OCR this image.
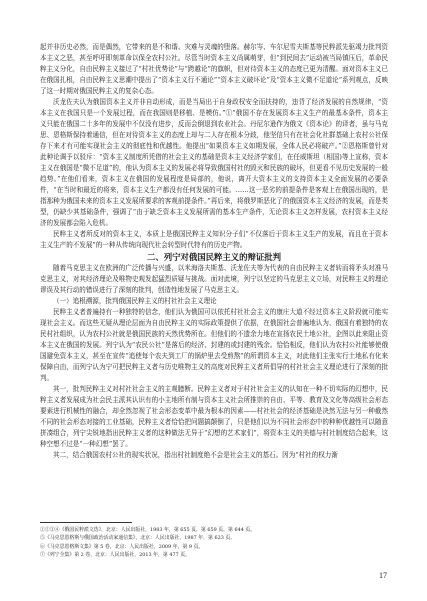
起并非历史必然，而是偶然，它带来的是不和谐、灾难与灵魂的堕落。赫尔岑、车尔尼雪夫斯基等民粹派先驱竭力批判资本主义之恶，甚至呼吁即刻革命以保全农村公社。尽管当时资本主义尚属萌芽，但“到民间去”运动被当局镇压后，革命民粹主义分化，自由民粹主义接过了“村社优势论”与“跨越论”的旗帜，但对待资本主义的态度已更为清醒。面对资本主义已在俄国扎根，自由民粹主义思潮中提出了“资本主义行不通论”“资本主义破坏论”及“资本主义微不足道论”系列观点，反映了这一时期对俄国民粹主义的复杂心态。

沃龙佐夫认为俄国资本主义并非自动形成，而是当局出于自身政权安全而扶持的，违背了经济发展的自然规律，“资本主义在我国只是一个发展过程，而在我国则是移植、是模仿。”①“俄国不存在发展资本主义生产的最基本条件，资本主义只能在俄国二十多年的发展中不仅没有进步，反而会倒退到农业社会。丹尼尔逊作为俄文《资本论》的译者，虽与马克思、恩格斯保持着通信，但在对待资本主义的态度上却与二人存在根本分歧，他坚信只有在社会化社群基础上农村公社保存下来才有可能实现社会主义的彻底性和优越性。他提出“如果资本主义如期发展，全体人民必将破产。”②恩格斯曾针对此种论调予以驳斥：“资本主义制度所凭借的社会主义的基础是资本主义经济学家们，在任威斯坦（相国)等上宣称，资本主义在俄国是“微不足道”的，他认为资本主义的发展必将导致俄国村社的毁灭和民族的破坏，但更看不见历史发展的一般趋势。”在他们看来，资本主义在俄国的发展程度是局部的，他说，离开大资本主义的支持资本主义全面发展的必要条件，“在当时和最近的将来，资本主义生产都没有任何发展的可能。……这一恶劣的前提条件是客观上在俄国出现的，是指那种为俄国未来的资本主义发展所要求的客观前提条件。”再后来，将俄罗斯恶化了的俄国资本主义经济的发展，而是类型，仍缺少其基础条件，强调了“由于缺乏资本主义发展所需的基本生产条件，无论资本主义怎样发展，农村资本主义经济的发展都会陷入危机。

民粹主义者所反对的资本主义，本质上是俄国民粹主义知识分子们“不仅落后于资本主义生产的发展，而且在于资本主义生产的不发展”的一种从传统向现代社会转型时代特有的历史产物。

二、列宁对俄国民粹主义的辩证批判

随着马克思主义在欧洲的广泛传播与兴盛，以米海洛夫斯基、沃龙佐夫等为代表的自由民粹主义者转而将矛头对准马克思主义，对其经济理论及唯物史观发起猛烈质疑与挑战。面对此境，列宁以坚定的马克思主义立场，对民粹主义的理论谬误及其行动的错误进行了深刻的批判，创造性地发展了马克思主义。

（一）追根溯源，批判俄国民粹主义的村社社会主义理论

民粹主义者普遍持有一种独特的信念，他们认为俄国可以依托村社社会主义的康庄大道不经过资本主义阶段就可能实现社会主义。而这些无疑从理论层面为自由民粹主义的实际政策提供了依据，在俄国社会普遍地认为、俄国有着独特的农民村社组织，认为农村公社就是俄国民族的天然优势所在。但他们的不遗余力地在宣扬农民土地公社，企图以此来阻止资本主义在俄国的发展。列宁认为“农民公社”是落后的经济、封建的或封建的残余。恰恰相反，他们认为农村公社能够使俄国避免资本主义，甚至在宣传“追使每个农夫到工厂的锅炉里去受煎熬”的所谓资本主义，对此他们主张实行土地私有化来保障自由，而列宁认为宁可把民粹主义者与历史唯物主义的高度对民粹主义者所倡导的村社社会主义理论进行了深刻的批判。

其一，批判民粹主义对村社社会主义的主观臆断。民粹主义者对于村社社会主义的认知在一种不切实际的幻想中，民粹主义者发展成为社会民主派其认识有的小主地所有制与资本主义社会所推崇的自由、平等、教育及文化等高级社会形态要素进行机械性的融合，却全然忽视了社会形态变革中最为根本的因素——村社社会的经济基础是决然无法与另一种截然不同的社会形态对接的工业基础，民粹主义者恰恰把问题搞颠倒了，只是他们以为不同社会形态中的种种优越性可以随意拼凑组合，列宁尖锐地指出民粹主义者的这种做法无异于“幻想的艺术家们”，将资本主义的美德与村社制度结合起来，这种空想不过是“一种幻想”罢了。

其二，结合俄国农村公社的现实状况，指出村社制度绝不会是社会主义的基石。因为“村社的权力渐

①②③④《俄国民粹派文选》，北京：人民出版社，1983 年，第 655 页，第 659 页，第 644 页。
⑤《马克思恩格斯与俄国政治活动家通信集》，北京：人民出版社，1987 年，第 623 页。
⑥《马克思恩格斯文集》第 5 卷，北京：人民出版社，2009 年，第 9 页。
⑦《列宁全集》第 2 卷，北京：人民出版社，2013 年，第 477 页。
17
